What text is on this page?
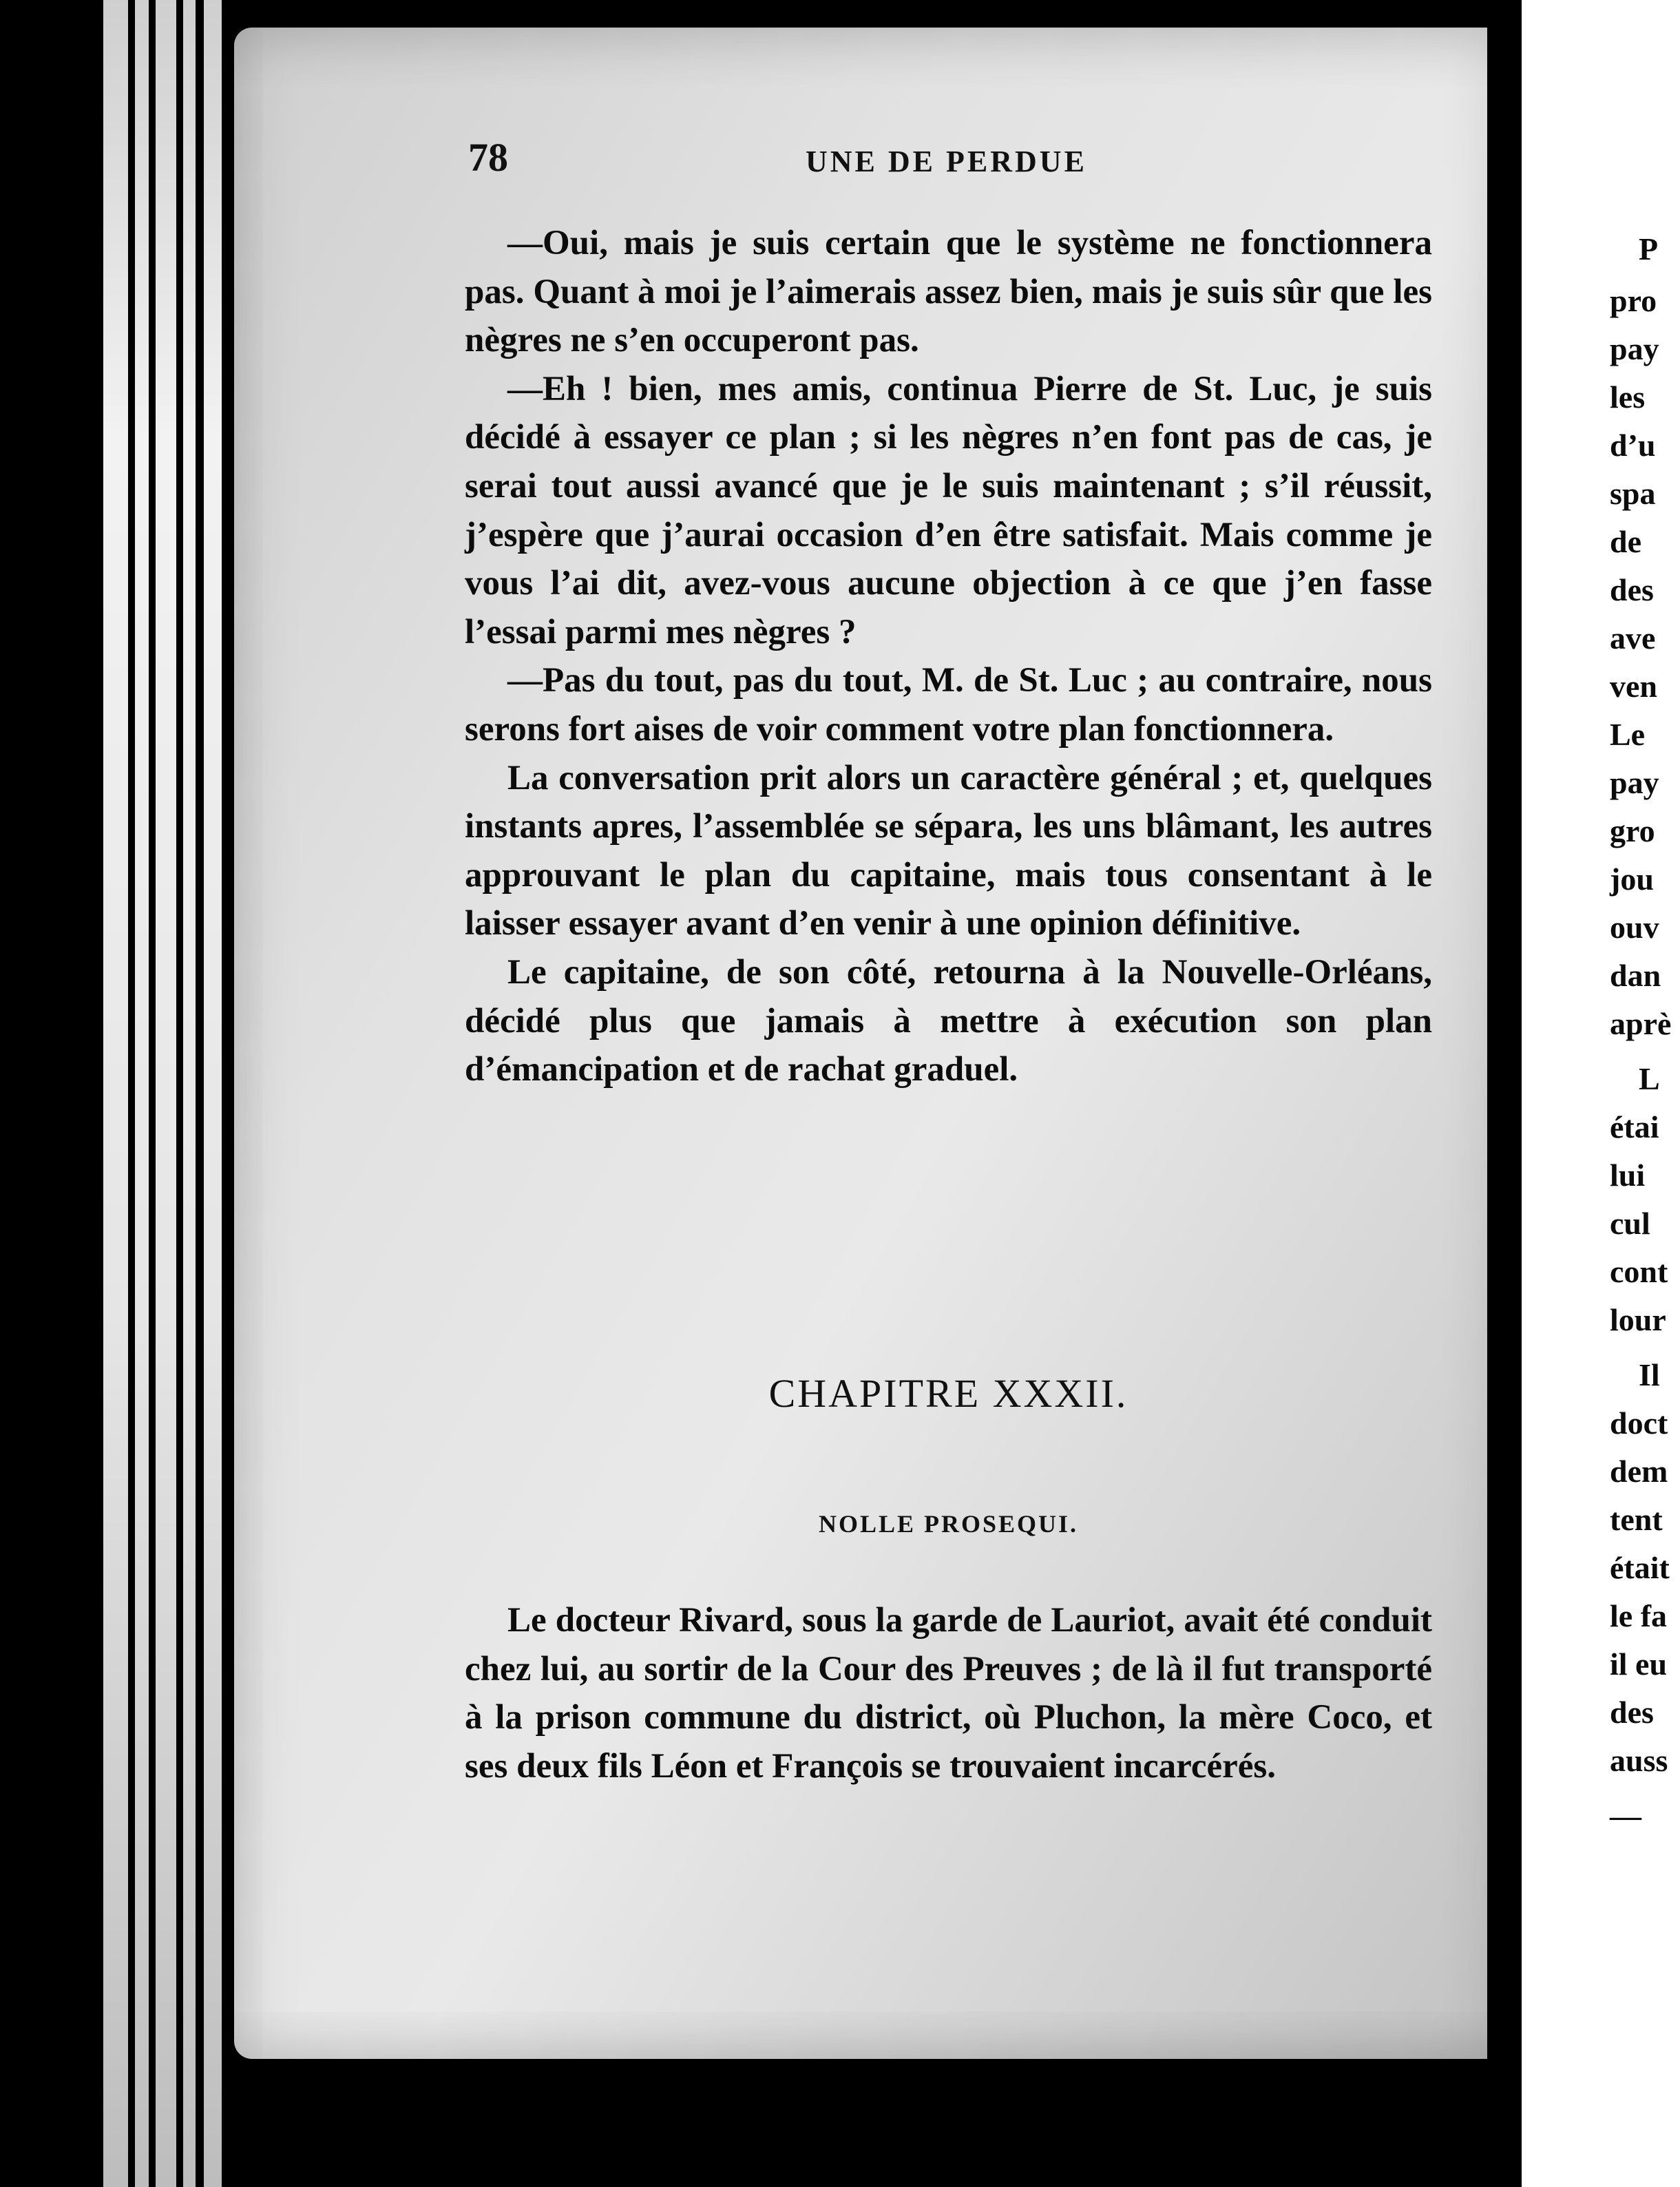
78	UNE DE PERDUE

—Oui, mais je suis certain que le système ne fonctionnera pas. Quant à moi je l’aimerais assez bien, mais je suis sûr que les nègres ne s’en occuperont pas.

—Eh ! bien, mes amis, continua Pierre de St. Luc, je suis décidé à essayer ce plan ; si les nègres n’en font pas de cas, je serai tout aussi avancé que je le suis maintenant ; s’il réussit, j’espère que j’aurai occasion d’en être satisfait. Mais comme je vous l’ai dit, avez-vous aucune objection à ce que j’en fasse l’essai parmi mes nègres ?

—Pas du tout, pas du tout, M. de St. Luc ; au contraire, nous serons fort aises de voir comment votre plan fonctionnera.

La conversation prit alors un caractère général ; et, quelques instants apres, l’assemblée se sépara, les uns blâmant, les autres approuvant le plan du capitaine, mais tous consentant à le laisser essayer avant d’en venir à une opinion définitive.

Le capitaine, de son côté, retourna à la Nouvelle-Orléans, décidé plus que jamais à mettre à exécution son plan d’émancipation et de rachat graduel.

CHAPITRE XXXII.
NOLLE PROSEQUI.

Le docteur Rivard, sous la garde de Lauriot, avait été conduit chez lui, au sortir de la Cour des Preuves ; de là il fut transporté à la prison commune du district, où Pluchon, la mère Coco, et ses deux fils Léon et François se trouvaient incarcérés.

P
pro
pay
les
d’u
spa
de
des
ave
ven
Le
pay
gro
jou
ouv
dan
aprè
L
étai
lui
cul
cont
lour
Il
doct
dem
tent
était
le fa
il eu
des
auss
—
